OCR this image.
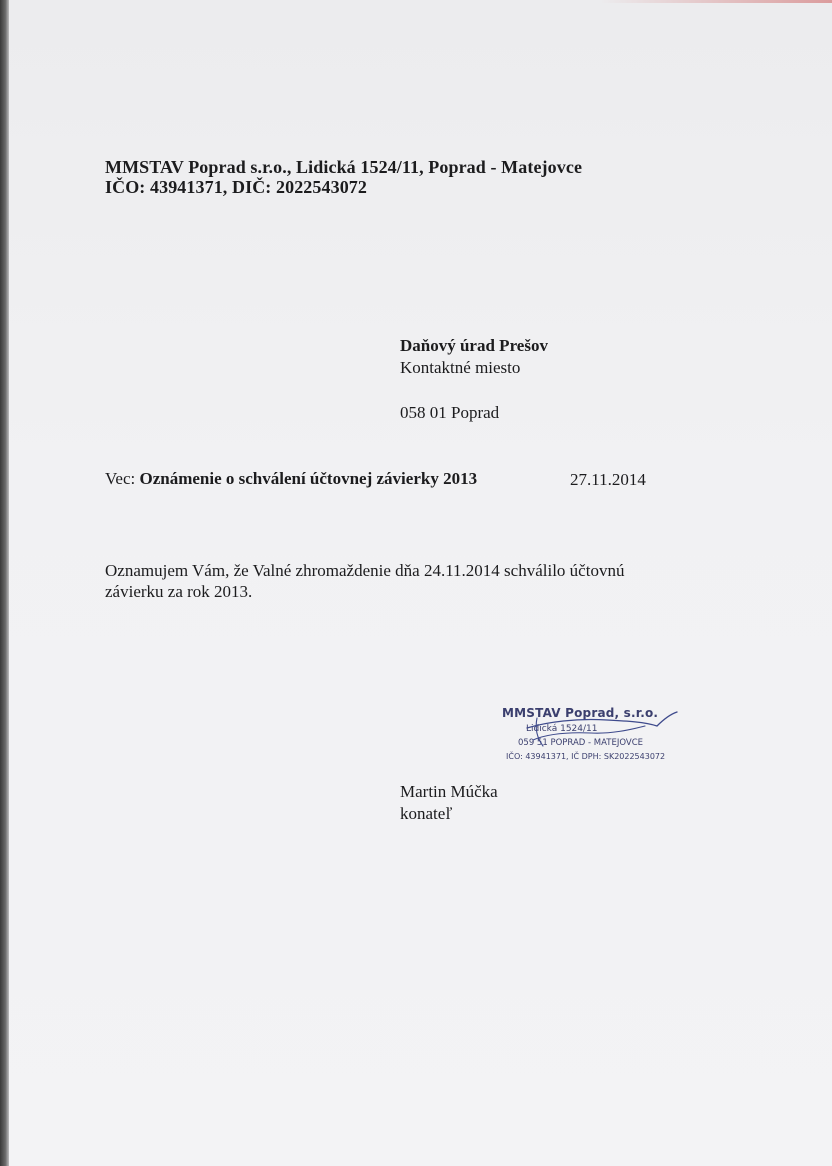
MMSTAV Poprad s.r.o., Lidická 1524/11, Poprad - Matejovce
IČO: 43941371, DIČ: 2022543072
Daňový úrad Prešov
Kontaktné miesto
058 01 Poprad
Vec: Oznámenie o schválení účtovnej závierky 2013	27.11.2014
Oznamujem Vám, že Valné zhromaždenie dňa 24.11.2014 schválilo účtovnú
závierku za rok 2013.
MMSTAV Poprad, s.r.o.
Lidická 1524/11
059 51 POPRAD - MATEJOVCE
IČO: 43941371, IČ DPH: SK2022543072
Martin Múčka
konateľ
